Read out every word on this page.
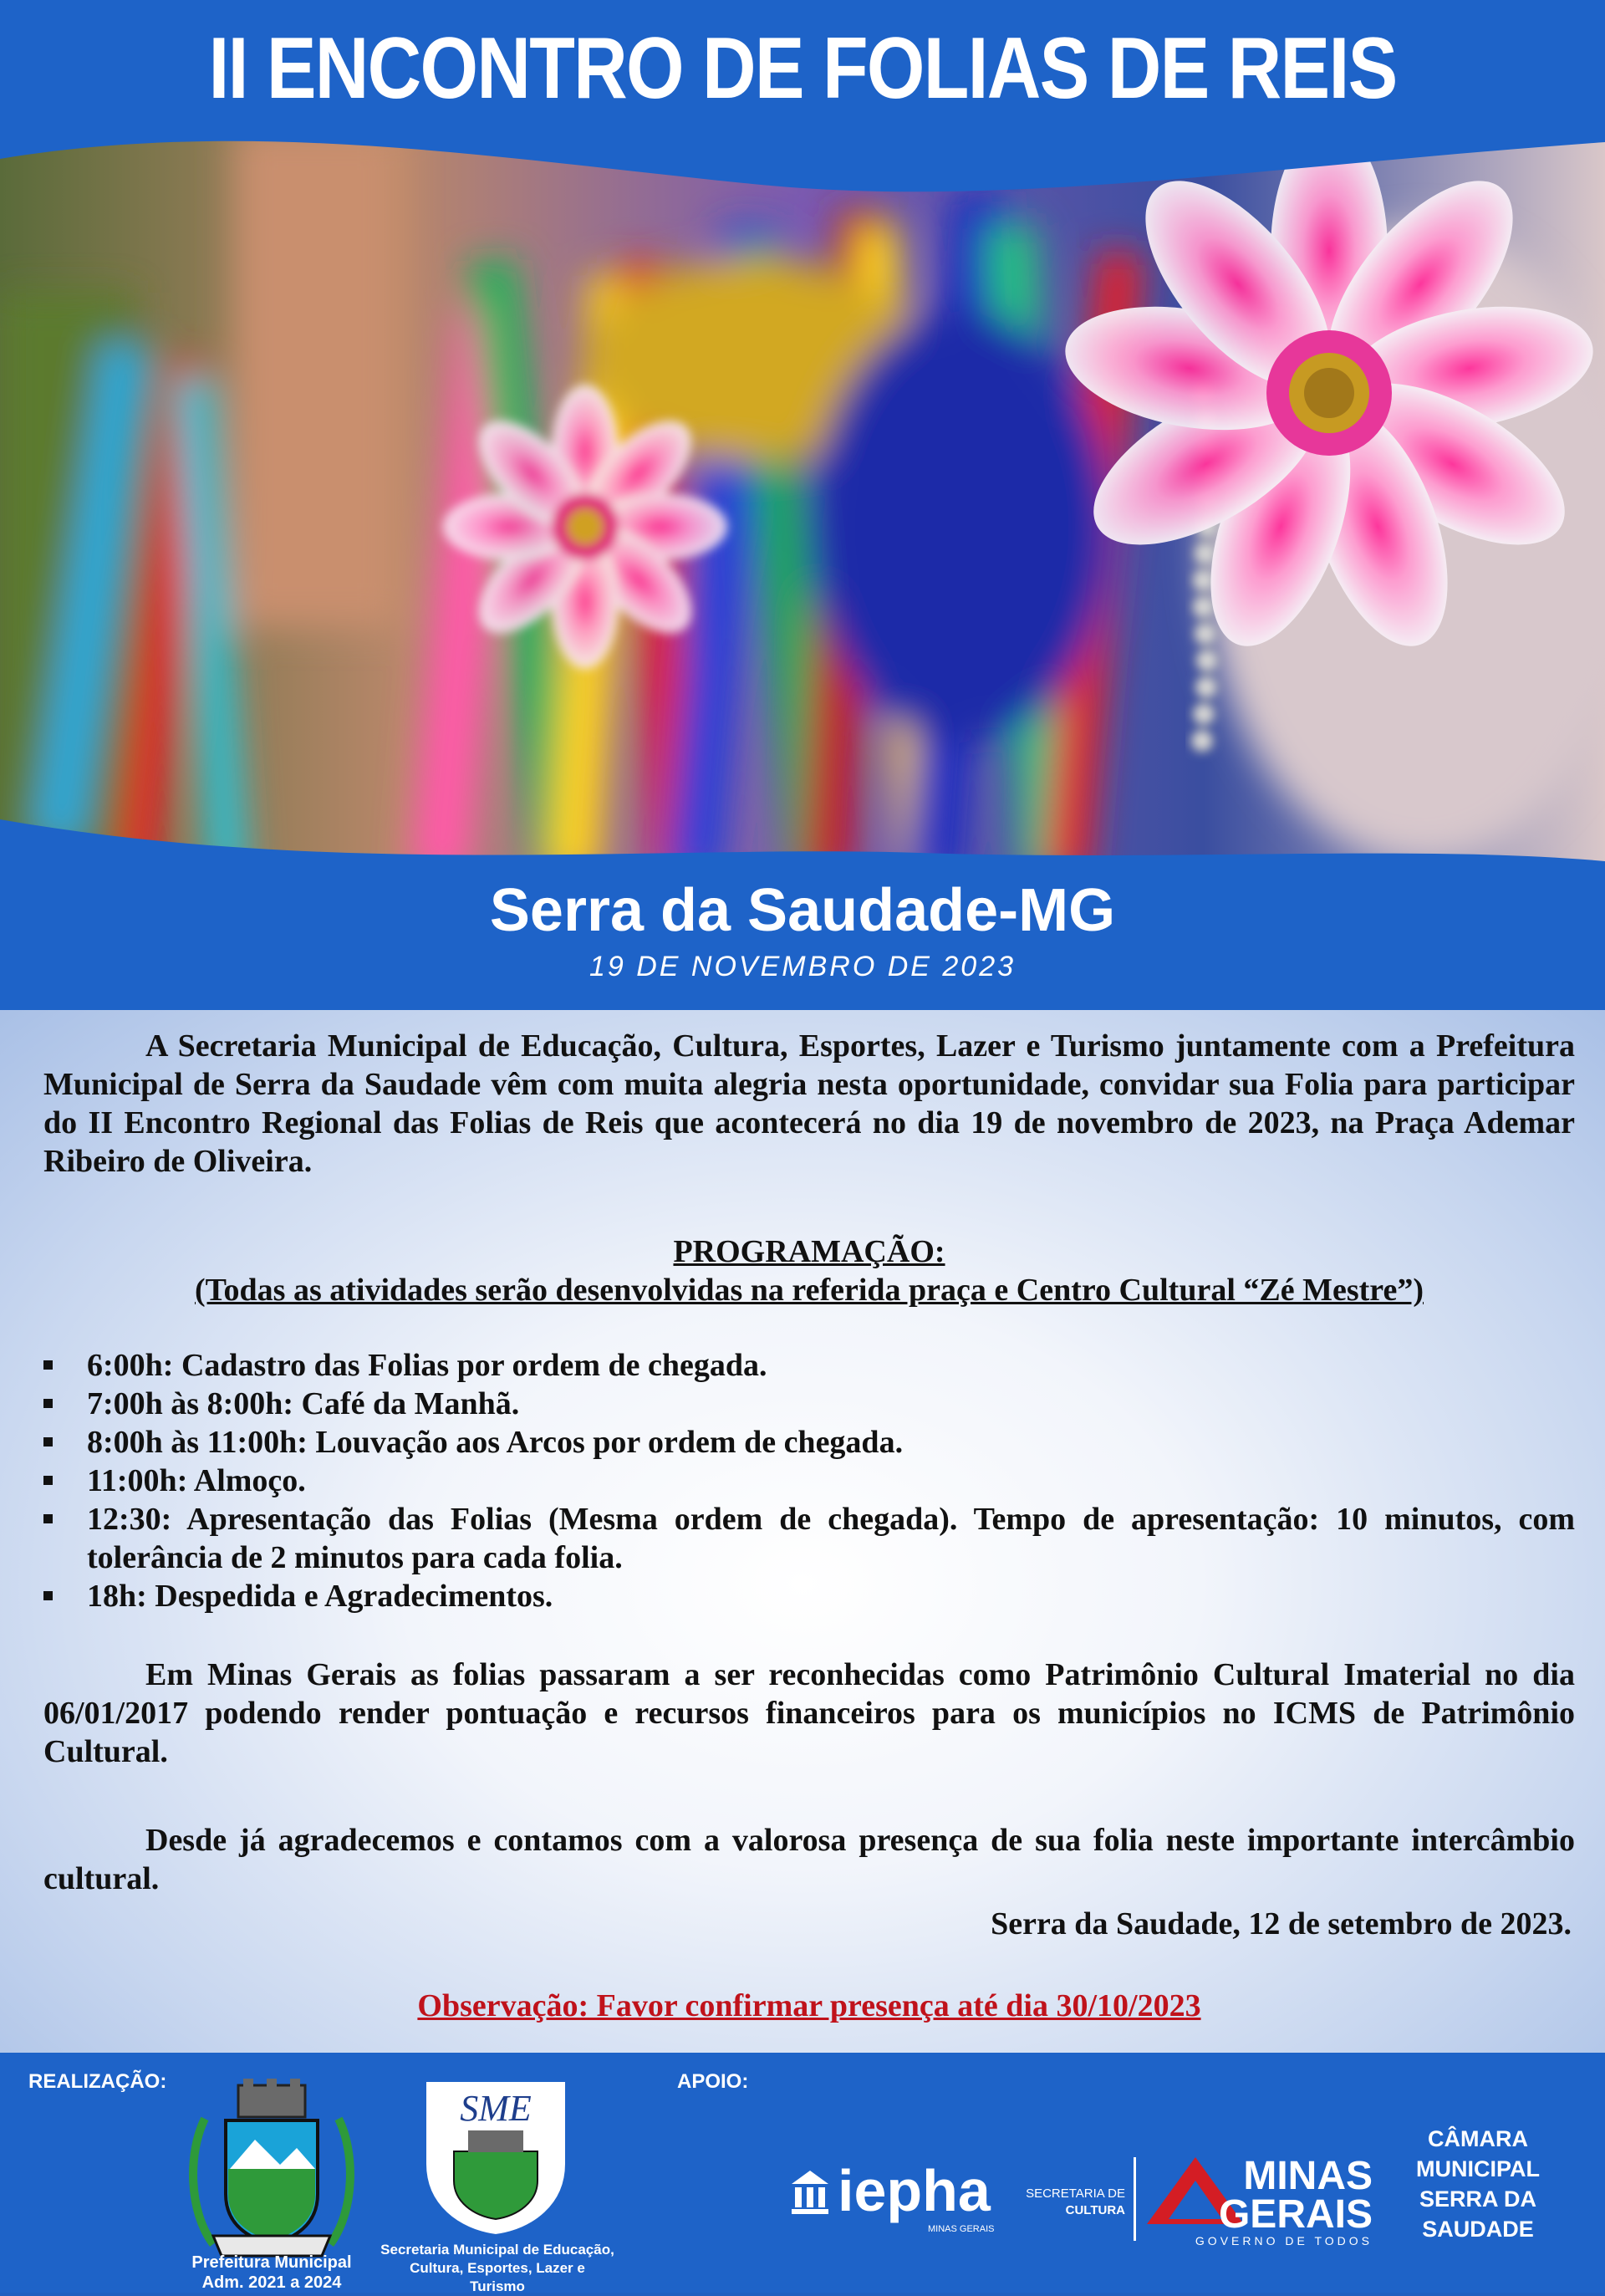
II ENCONTRO DE FOLIAS DE REIS
Serra da Saudade-MG
19 DE NOVEMBRO DE 2023

A Secretaria Municipal de Educação, Cultura, Esportes, Lazer e Turismo juntamente com a Prefeitura Municipal de Serra da Saudade vêm com muita alegria nesta oportunidade, convidar sua Folia para participar do II Encontro Regional das Folias de Reis que acontecerá no dia 19 de novembro de 2023, na Praça Ademar Ribeiro de Oliveira.

PROGRAMAÇÃO:

(Todas as atividades serão desenvolvidas na referida praça e Centro Cultural “Zé Mestre”)

6:00h: Cadastro das Folias por ordem de chegada.
7:00h às 8:00h: Café da Manhã.
8:00h às 11:00h: Louvação aos Arcos por ordem de chegada.
11:00h: Almoço.
12:30: Apresentação das Folias (Mesma ordem de chegada). Tempo de apresentação: 10 minutos, com tolerância de 2 minutos para cada folia.
18h: Despedida e Agradecimentos.

Em Minas Gerais as folias passaram a ser reconhecidas como Patrimônio Cultural Imaterial no dia 06/01/2017 podendo render pontuação e recursos financeiros para os municípios no ICMS de Patrimônio Cultural.

Desde já agradecemos e contamos com a valorosa presença de sua folia neste importante intercâmbio cultural.

Serra da Saudade, 12 de setembro de 2023.

Observação: Favor confirmar presença até dia 30/10/2023

REALIZAÇÃO:	APOIO:
Prefeitura Municipal
Adm. 2021 a 2024
SME
Secretaria Municipal de Educação,
Cultura, Esportes, Lazer e Turismo
iepha
MINAS GERAIS
SECRETARIA DE
CULTURA
MINAS
GERAIS
GOVERNO DE TODOS
CÂMARA
MUNICIPAL
SERRA DA
SAUDADE
